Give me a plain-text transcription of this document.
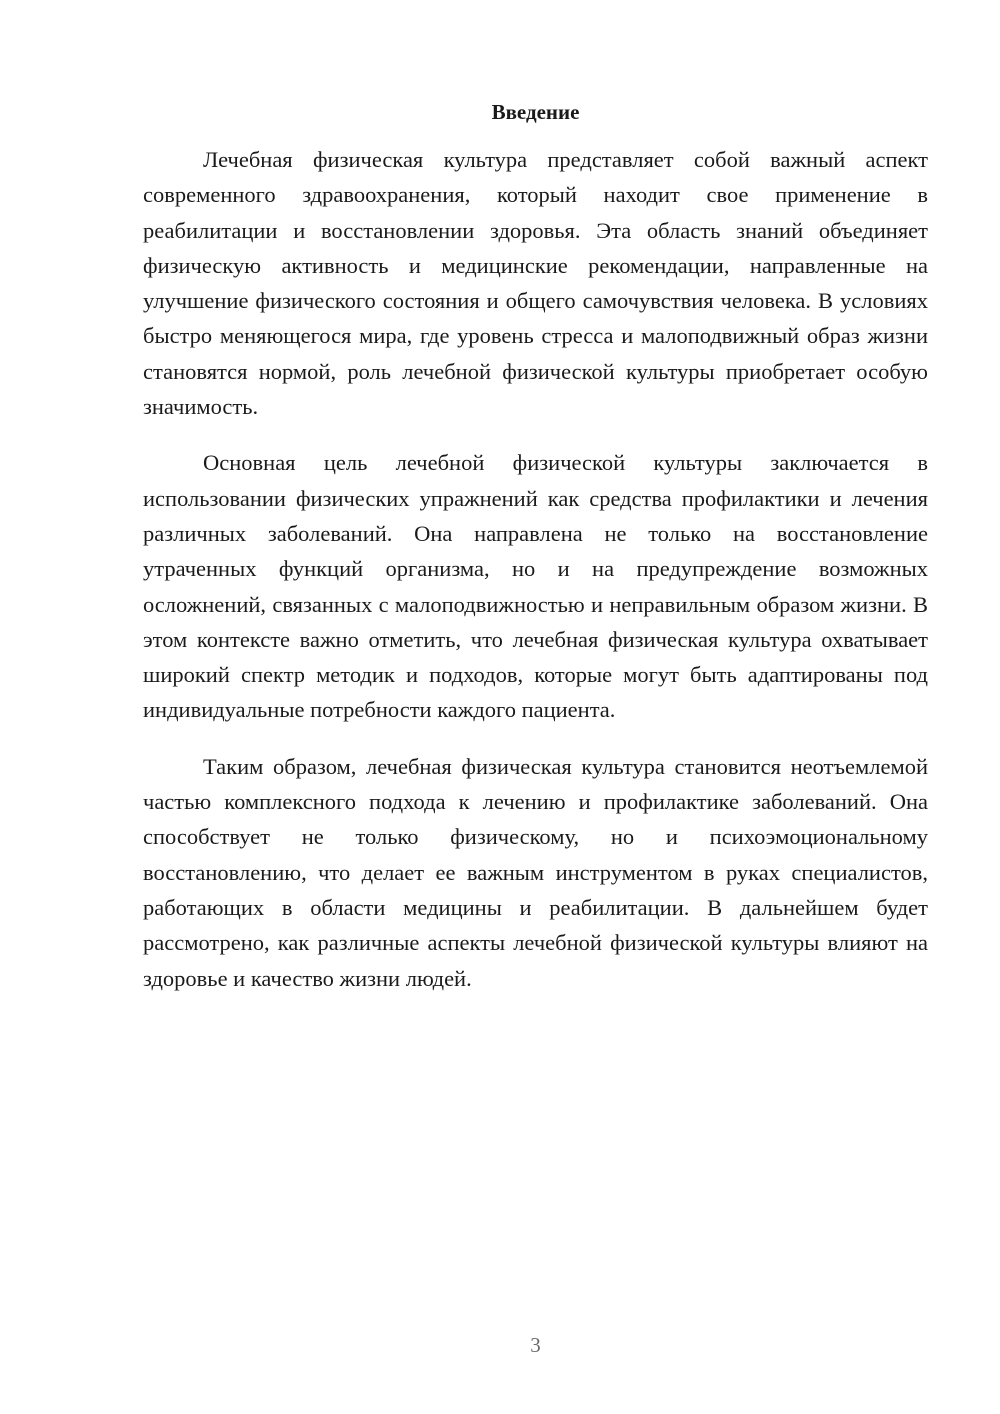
Введение

Лечебная физическая культура представляет собой важный аспект современного здравоохранения, который находит свое применение в реабилитации и восстановлении здоровья. Эта область знаний объединяет физическую активность и медицинские рекомендации, направленные на улучшение физического состояния и общего самочувствия человека. В условиях быстро меняющегося мира, где уровень стресса и малоподвижный образ жизни становятся нормой, роль лечебной физической культуры приобретает особую значимость.

Основная цель лечебной физической культуры заключается в использовании физических упражнений как средства профилактики и лечения различных заболеваний. Она направлена не только на восстановление утраченных функций организма, но и на предупреждение возможных осложнений, связанных с малоподвижностью и неправильным образом жизни. В этом контексте важно отметить, что лечебная физическая культура охватывает широкий спектр методик и подходов, которые могут быть адаптированы под индивидуальные потребности каждого пациента.

Таким образом, лечебная физическая культура становится неотъемлемой частью комплексного подхода к лечению и профилактике заболеваний. Она способствует не только физическому, но и психоэмоциональному восстановлению, что делает ее важным инструментом в руках специалистов, работающих в области медицины и реабилитации. В дальнейшем будет рассмотрено, как различные аспекты лечебной физической культуры влияют на здоровье и качество жизни людей.

3
